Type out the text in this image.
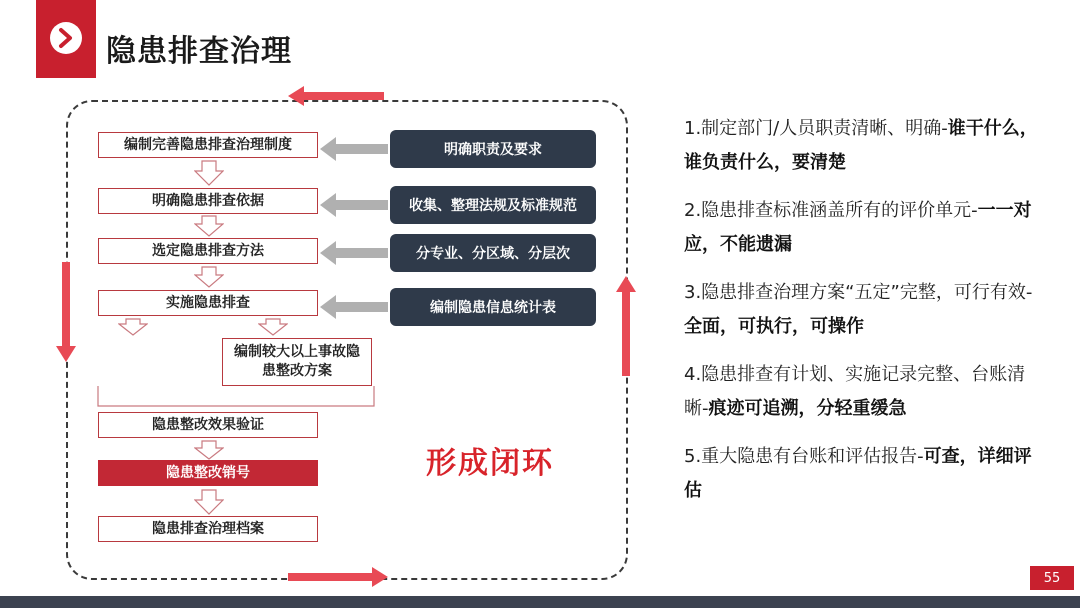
隐患排查治理
编制完善隐患排查治理制度
明确隐患排查依据
选定隐患排查方法
实施隐患排查
编制较大以上事故隐患整改方案
隐患整改效果验证
隐患整改销号
隐患排查治理档案
明确职责及要求
收集、整理法规及标准规范
分专业、分区域、分层次
编制隐患信息统计表
形成闭环
1.制定部门/人员职责清晰、明确-谁干什么，谁负责什么，要清楚
2.隐患排查标准涵盖所有的评价单元-一一对应，不能遗漏
3.隐患排查治理方案“五定”完整，可行有效-全面，可执行，可操作
4.隐患排查有计划、实施记录完整、台账清晰-痕迹可追溯，分轻重缓急
5.重大隐患有台账和评估报告-可查，详细评估
55
